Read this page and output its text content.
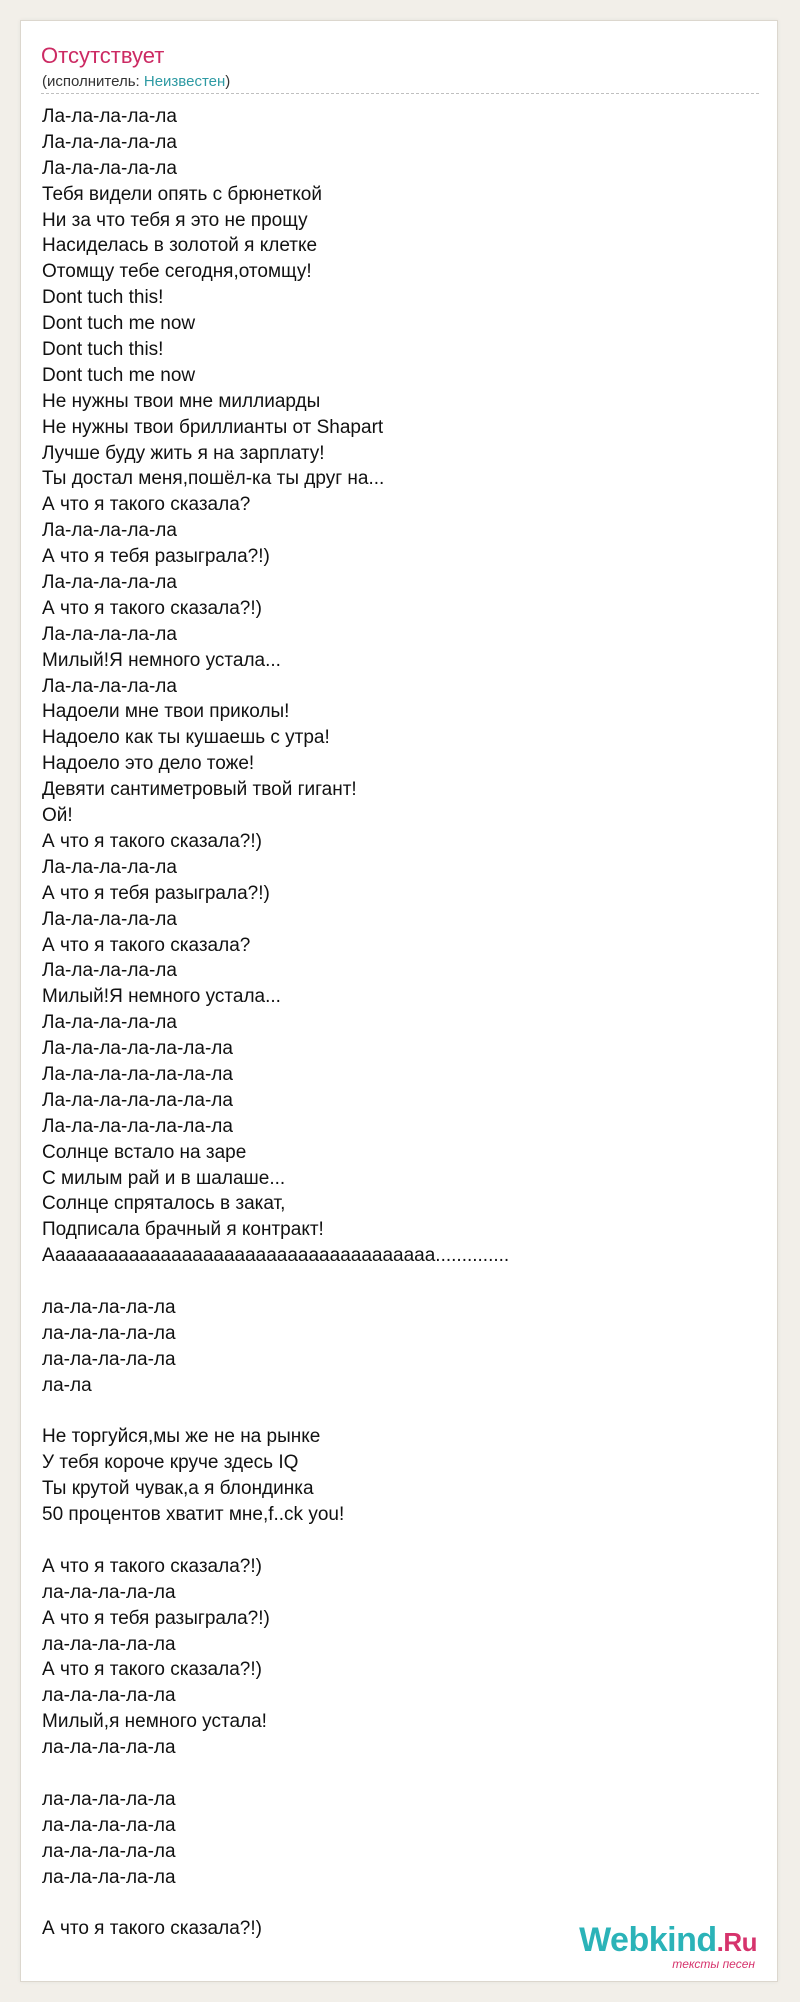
Отсутствует
(исполнитель: Неизвестен)
Ла-ла-ла-ла-ла
Ла-ла-ла-ла-ла
Ла-ла-ла-ла-ла
Тебя видели опять с брюнеткой
Ни за что тебя я это не прощу
Насиделась в золотой я клетке
Отомщу тебе сегодня,отомщу!
Dont tuch this!
Dont tuch me now
Dont tuch this!
Dont tuch me now
Не нужны твои мне миллиарды
Не нужны твои бриллианты от Shapart
Лучше буду жить я на зарплату!
Ты достал меня,пошёл-ка ты друг на...
А что я такого сказала?
Ла-ла-ла-ла-ла
А что я тебя разыграла?!)
Ла-ла-ла-ла-ла
А что я такого сказала?!)
Ла-ла-ла-ла-ла
Милый!Я немного устала...
Ла-ла-ла-ла-ла
Надоели мне твои приколы!
Надоело как ты кушаешь с утра!
Надоело это дело тоже!
Девяти сантиметровый твой гигант!
Ой!
А что я такого сказала?!)
Ла-ла-ла-ла-ла
А что я тебя разыграла?!)
Ла-ла-ла-ла-ла
А что я такого сказала?
Ла-ла-ла-ла-ла
Милый!Я немного устала...
Ла-ла-ла-ла-ла
Ла-ла-ла-ла-ла-ла-ла
Ла-ла-ла-ла-ла-ла-ла
Ла-ла-ла-ла-ла-ла-ла
Ла-ла-ла-ла-ла-ла-ла
Солнце встало на заре
С милым рай и в шалаше...
Солнце спряталось в закат,
Подписала брачный я контракт!
Ааааааааааааааааааааааааааааааааааааа..............
ла-ла-ла-ла-ла
ла-ла-ла-ла-ла
ла-ла-ла-ла-ла
ла-ла
Не торгуйся,мы же не на рынке
У тебя короче круче здесь IQ
Ты крутой чувак,а я блондинка
50 процентов хватит мне,f..ck you!
А что я такого сказала?!)
ла-ла-ла-ла-ла
А что я тебя разыграла?!)
ла-ла-ла-ла-ла
А что я такого сказала?!)
ла-ла-ла-ла-ла
Милый,я немного устала!
ла-ла-ла-ла-ла
ла-ла-ла-ла-ла
ла-ла-ла-ла-ла
ла-ла-ла-ла-ла
ла-ла-ла-ла-ла
А что я такого сказала?!)	Webkind.Ru
тексты песен
